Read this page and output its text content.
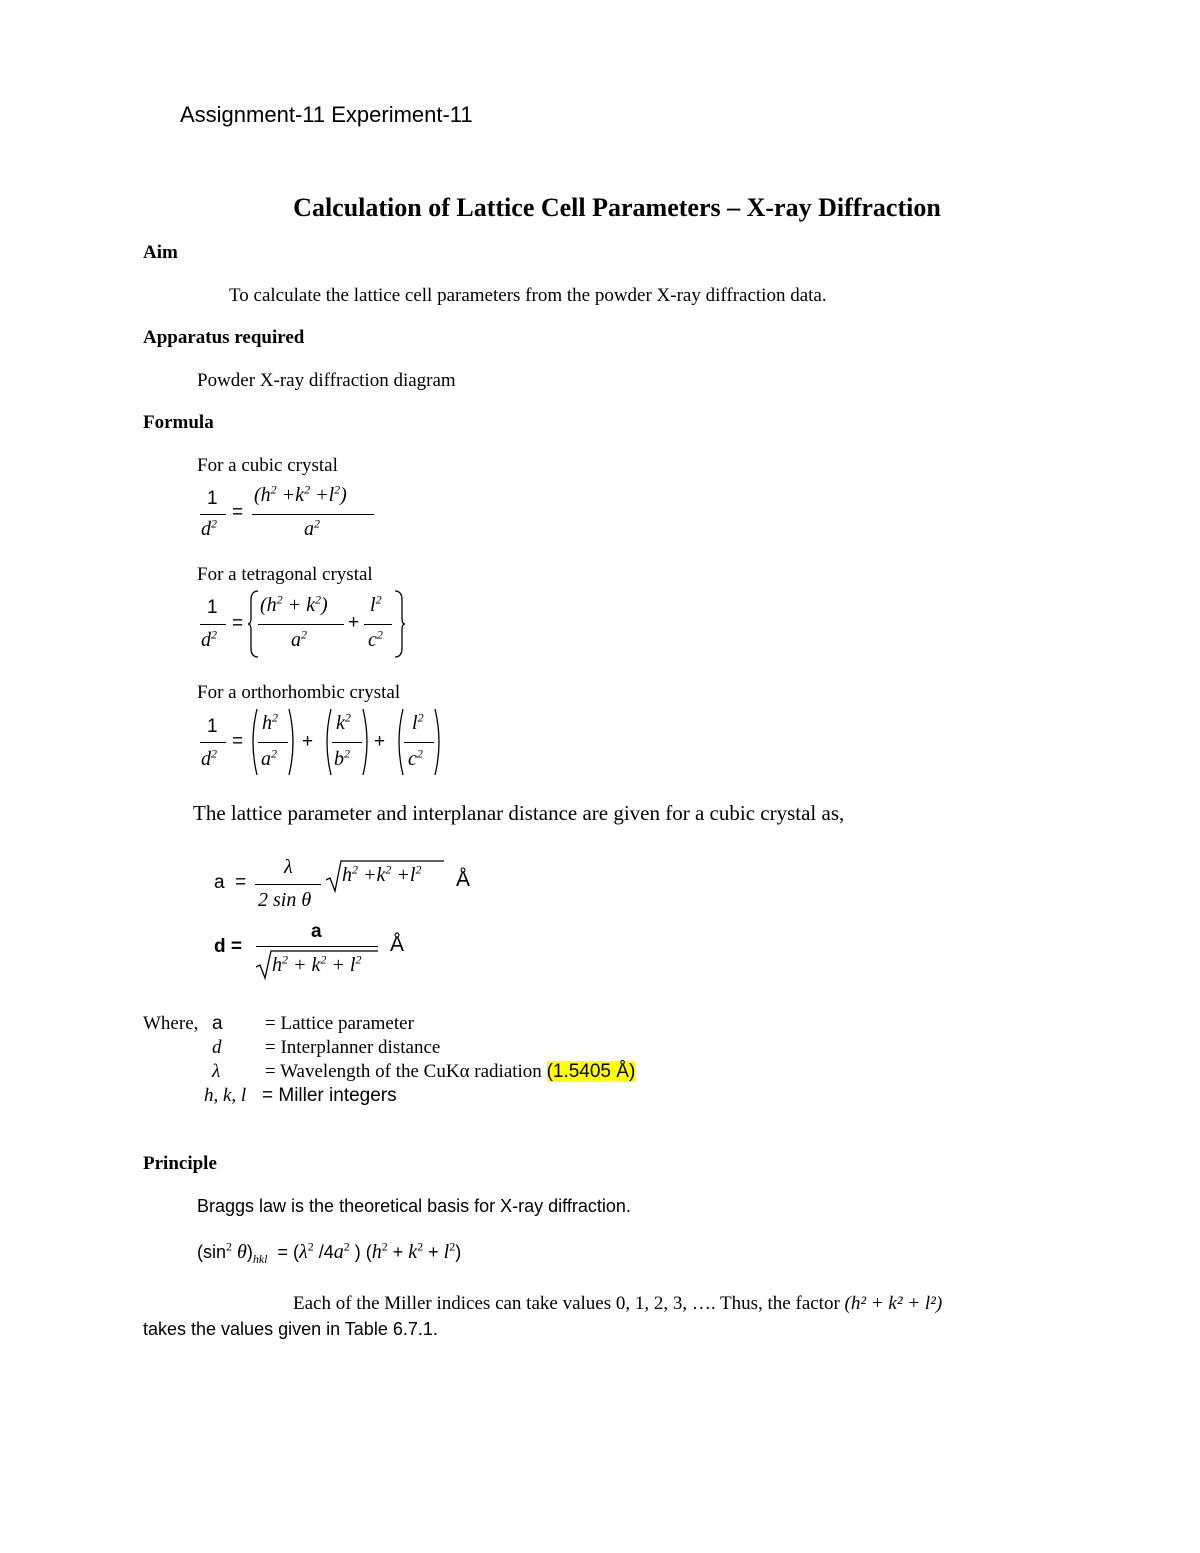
Assignment-11 Experiment-11
Calculation of Lattice Cell Parameters – X-ray Diffraction
Aim
To calculate the lattice cell parameters from the powder X-ray diffraction data.
Apparatus required
Powder X-ray diffraction diagram
Formula
For a cubic crystal
1
$d^2$
=
$(h^2 +k^2 +l^2)$
$a^2$
For a tetragonal crystal
1
$d^2$
=
$(h^2 + k^2)$
$a^2$
+
$l^2$
$c^2$
For a orthorhombic crystal
1
$d^2$
=
$h^2$
$a^2$
+
$k^2$
$b^2$
+
$l^2$
$c^2$
The lattice parameter and interplanar distance are given for a cubic crystal as,
a  =
λ
2 sin θ
$h^2 +k^2 +l^2$ Å
d =
a
$h^2 + k^2 + l^2$
Å
Where, a = Lattice parameter
d = Interplanner distance
λ = Wavelength of the CuKα radiation (1.5405 Å)
h, k, l = Miller integers
Principle
Braggs law is the theoretical basis for X-ray diffraction.
($\sin^2$ $\theta)_{hkl} = (\lambda^2$ $/4a^2$ ) $(h^2 + k^2 + l^2)$
Each of the Miller indices can take values 0, 1, 2, 3, …. Thus, the factor (h² + k² + l²)
takes the values given in Table 6.7.1.
